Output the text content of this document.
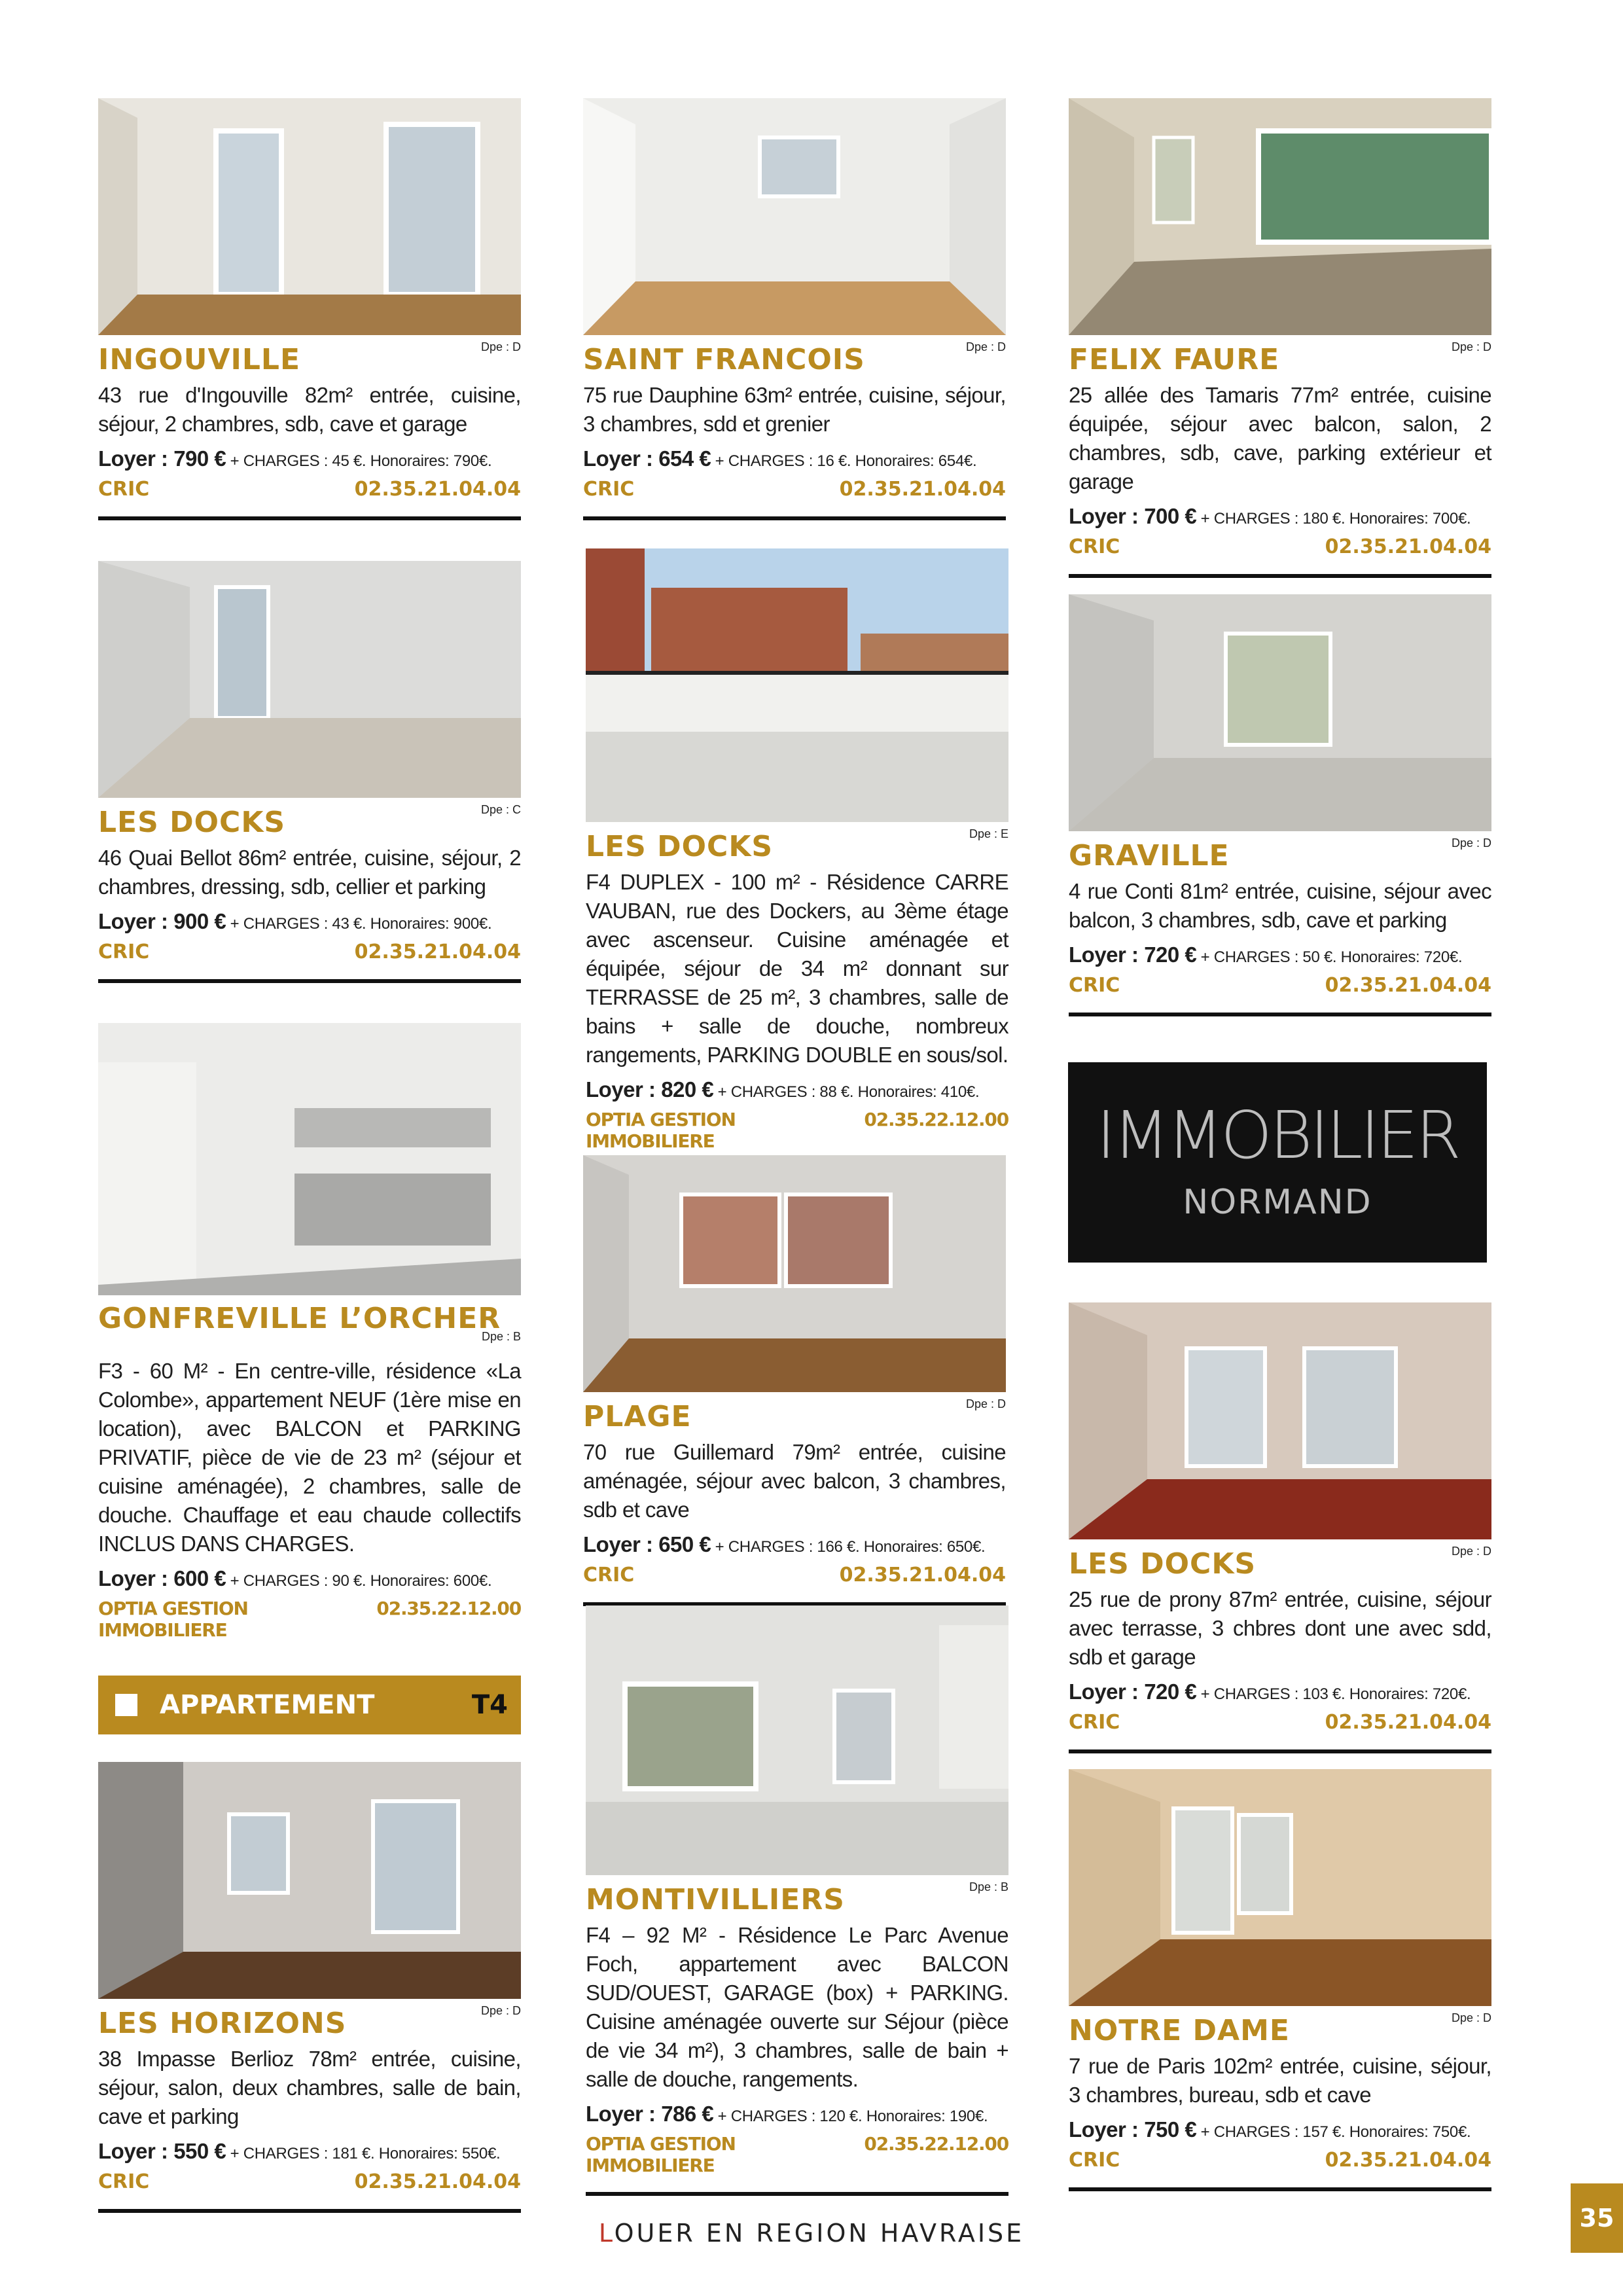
INGOUVILLE	Dpe : D
43 rue d'Ingouville 82m² entrée, cuisine, séjour, 2 chambres, sdb, cave et garage
Loyer : 790 € + CHARGES : 45 €. Honoraires: 790€.
CRIC	02.35.21.04.04
LES DOCKS	Dpe : C
46 Quai Bellot 86m² entrée, cuisine, séjour, 2 chambres, dressing, sdb, cellier et parking
Loyer : 900 € + CHARGES : 43 €. Honoraires: 900€.
CRIC	02.35.21.04.04
GONFREVILLE L’ORCHER
Dpe : B
F3 - 60 M² - En centre-ville, résidence «La Colombe», appartement NEUF (1ère mise en location), avec BALCON et PARKING PRIVATIF, pièce de vie de 23 m² (séjour et cuisine aménagée), 2 chambres, salle de douche. Chauffage et eau chaude collectifs INCLUS DANS CHARGES.
Loyer : 600 € + CHARGES : 90 €. Honoraires: 600€.
OPTIA GESTION IMMOBILIERE

02.35.22.12.00
APPARTEMENT	T4
LES HORIZONS	Dpe : D
38 Impasse Berlioz 78m² entrée, cuisine, séjour, salon, deux chambres, salle de bain, cave et parking
Loyer : 550 € + CHARGES : 181 €. Honoraires: 550€.
CRIC	02.35.21.04.04
SAINT FRANCOIS	Dpe : D
75 rue Dauphine 63m² entrée, cuisine, séjour, 3 chambres, sdd et grenier
Loyer : 654 € + CHARGES : 16 €. Honoraires: 654€.
CRIC	02.35.21.04.04
LES DOCKS	Dpe : E
F4 DUPLEX - 100 m² - Résidence CARRE VAUBAN, rue des Dockers, au 3ème étage avec ascenseur. Cuisine aménagée et équipée, séjour de 34 m² donnant sur TERRASSE de 25 m², 3 chambres, salle de bains + salle de douche, nombreux rangements, PARKING DOUBLE en sous/sol.
Loyer : 820 € + CHARGES : 88 €. Honoraires: 410€.
OPTIA GESTION IMMOBILIERE

02.35.22.12.00
PLAGE	Dpe : D
70 rue Guillemard 79m² entrée, cuisine aménagée, séjour avec balcon, 3 chambres, sdb et cave
Loyer : 650 € + CHARGES : 166 €. Honoraires: 650€.
CRIC	02.35.21.04.04
MONTIVILLIERS	Dpe : B
F4 – 92 M² - Résidence Le Parc Avenue Foch, appartement avec BALCON SUD/OUEST, GARAGE (box) + PARKING. Cuisine aménagée ouverte sur Séjour (pièce de vie 34 m²), 3 chambres, salle de bain + salle de douche, rangements.
Loyer : 786 € + CHARGES : 120 €. Honoraires: 190€.
OPTIA GESTION IMMOBILIERE

02.35.22.12.00
FELIX FAURE	Dpe : D
25 allée des Tamaris 77m² entrée, cuisine équipée, séjour avec balcon, salon, 2 chambres, sdb, cave, parking extérieur et garage
Loyer : 700 € + CHARGES : 180 €. Honoraires: 700€.
CRIC	02.35.21.04.04
GRAVILLE	Dpe : D
4 rue Conti 81m² entrée, cuisine, séjour avec balcon, 3 chambres, sdb, cave et parking
Loyer : 720 € + CHARGES : 50 €. Honoraires: 720€.
CRIC	02.35.21.04.04
IMMOBILIER
NORMAND
LES DOCKS	Dpe : D
25 rue de prony 87m² entrée, cuisine, séjour avec terrasse, 3 chbres dont une avec sdd, sdb et garage
Loyer : 720 € + CHARGES : 103 €. Honoraires: 720€.
CRIC	02.35.21.04.04
NOTRE DAME	Dpe : D
7 rue de Paris 102m² entrée, cuisine, séjour, 3 chambres, bureau, sdb et cave
Loyer : 750 € + CHARGES : 157 €. Honoraires: 750€.
CRIC	02.35.21.04.04
LOUER EN REGION HAVRAISE
35
